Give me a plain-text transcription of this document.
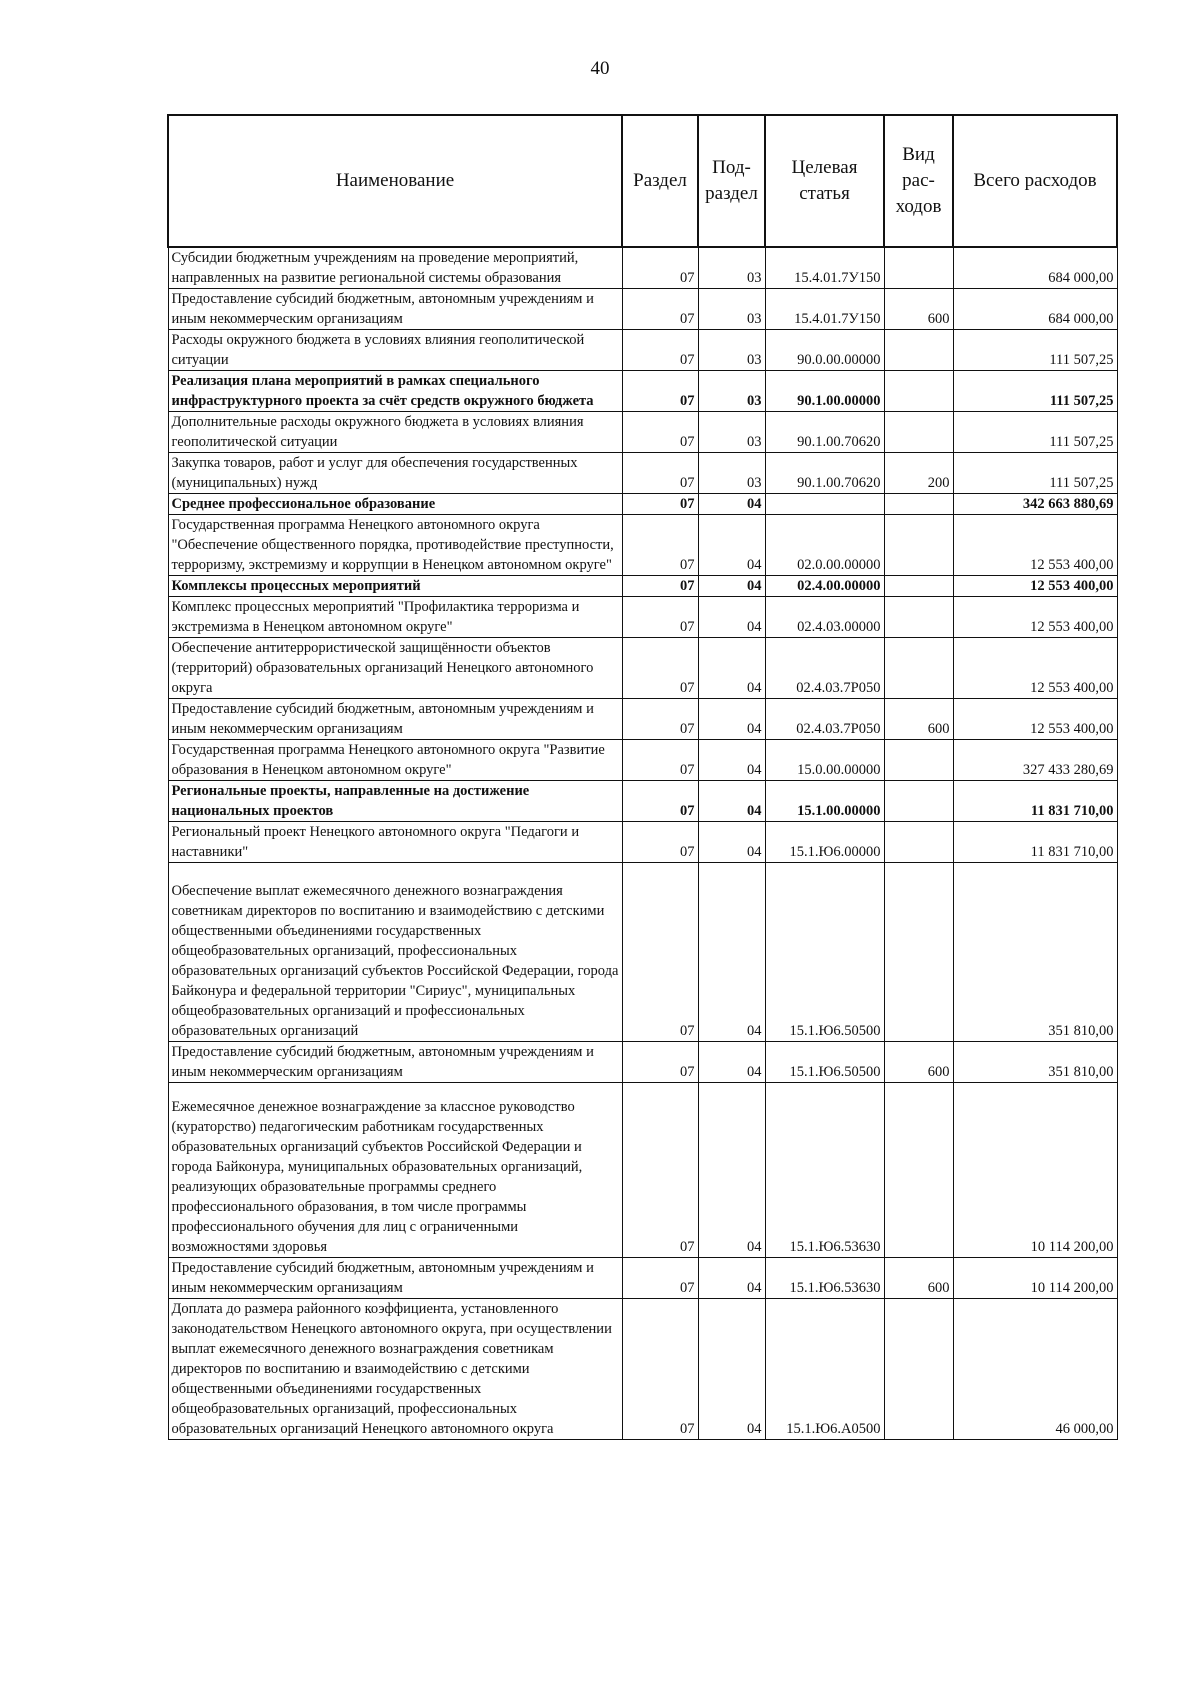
40
Наименование	Раздел	Под-раздел	Целевая статья	Вид рас-ходов	Всего расходов
Субсидии бюджетным учреждениям на проведение мероприятий, направленных на развитие региональной системы образования	07	03	15.4.01.7У150		684 000,00
Предоставление субсидий бюджетным, автономным учреждениям и иным некоммерческим организациям	07	03	15.4.01.7У150	600	684 000,00
Расходы окружного бюджета в условиях влияния геополитической ситуации	07	03	90.0.00.00000		111 507,25
Реализация плана мероприятий в рамках специального инфраструктурного проекта за счёт средств окружного бюджета	07	03	90.1.00.00000		111 507,25
Дополнительные расходы окружного бюджета в условиях влияния геополитической ситуации	07	03	90.1.00.70620		111 507,25
Закупка товаров, работ и услуг для обеспечения государственных (муниципальных) нужд	07	03	90.1.00.70620	200	111 507,25
Среднее профессиональное образование	07	04			342 663 880,69
Государственная программа Ненецкого автономного округа "Обеспечение общественного порядка, противодействие преступности, терроризму, экстремизму и коррупции в Ненецком автономном округе"	07	04	02.0.00.00000		12 553 400,00
Комплексы процессных мероприятий	07	04	02.4.00.00000		12 553 400,00
Комплекс процессных мероприятий "Профилактика терроризма и экстремизма в Ненецком автономном округе"	07	04	02.4.03.00000		12 553 400,00
Обеспечение антитеррористической защищённости объектов (территорий) образовательных организаций Ненецкого автономного округа	07	04	02.4.03.7Р050		12 553 400,00
Предоставление субсидий бюджетным, автономным учреждениям и иным некоммерческим организациям	07	04	02.4.03.7Р050	600	12 553 400,00
Государственная программа Ненецкого автономного округа "Развитие образования в Ненецком автономном округе"	07	04	15.0.00.00000		327 433 280,69
Региональные проекты, направленные на достижение национальных проектов	07	04	15.1.00.00000		11 831 710,00
Региональный проект Ненецкого автономного округа "Педагоги и наставники"	07	04	15.1.Ю6.00000		11 831 710,00
Обеспечение выплат ежемесячного денежного вознаграждения советникам директоров по воспитанию и взаимодействию с детскими общественными объединениями государственных общеобразовательных организаций, профессиональных образовательных организаций субъектов Российской Федерации, города Байконура и федеральной территории "Сириус", муниципальных общеобразовательных организаций и профессиональных образовательных организаций	07	04	15.1.Ю6.50500		351 810,00
Предоставление субсидий бюджетным, автономным учреждениям и иным некоммерческим организациям	07	04	15.1.Ю6.50500	600	351 810,00
Ежемесячное денежное вознаграждение за классное руководство (кураторство) педагогическим работникам государственных образовательных организаций субъектов Российской Федерации и города Байконура, муниципальных образовательных организаций, реализующих образовательные программы среднего профессионального образования, в том числе программы профессионального обучения для лиц с ограниченными возможностями здоровья	07	04	15.1.Ю6.53630		10 114 200,00
Предоставление субсидий бюджетным, автономным учреждениям и иным некоммерческим организациям	07	04	15.1.Ю6.53630	600	10 114 200,00
Доплата до размера районного коэффициента, установленного законодательством Ненецкого автономного округа, при осуществлении выплат ежемесячного денежного вознаграждения советникам директоров по воспитанию и взаимодействию с детскими общественными объединениями государственных общеобразовательных организаций, профессиональных образовательных организаций Ненецкого автономного округа	07	04	15.1.Ю6.А0500		46 000,00
